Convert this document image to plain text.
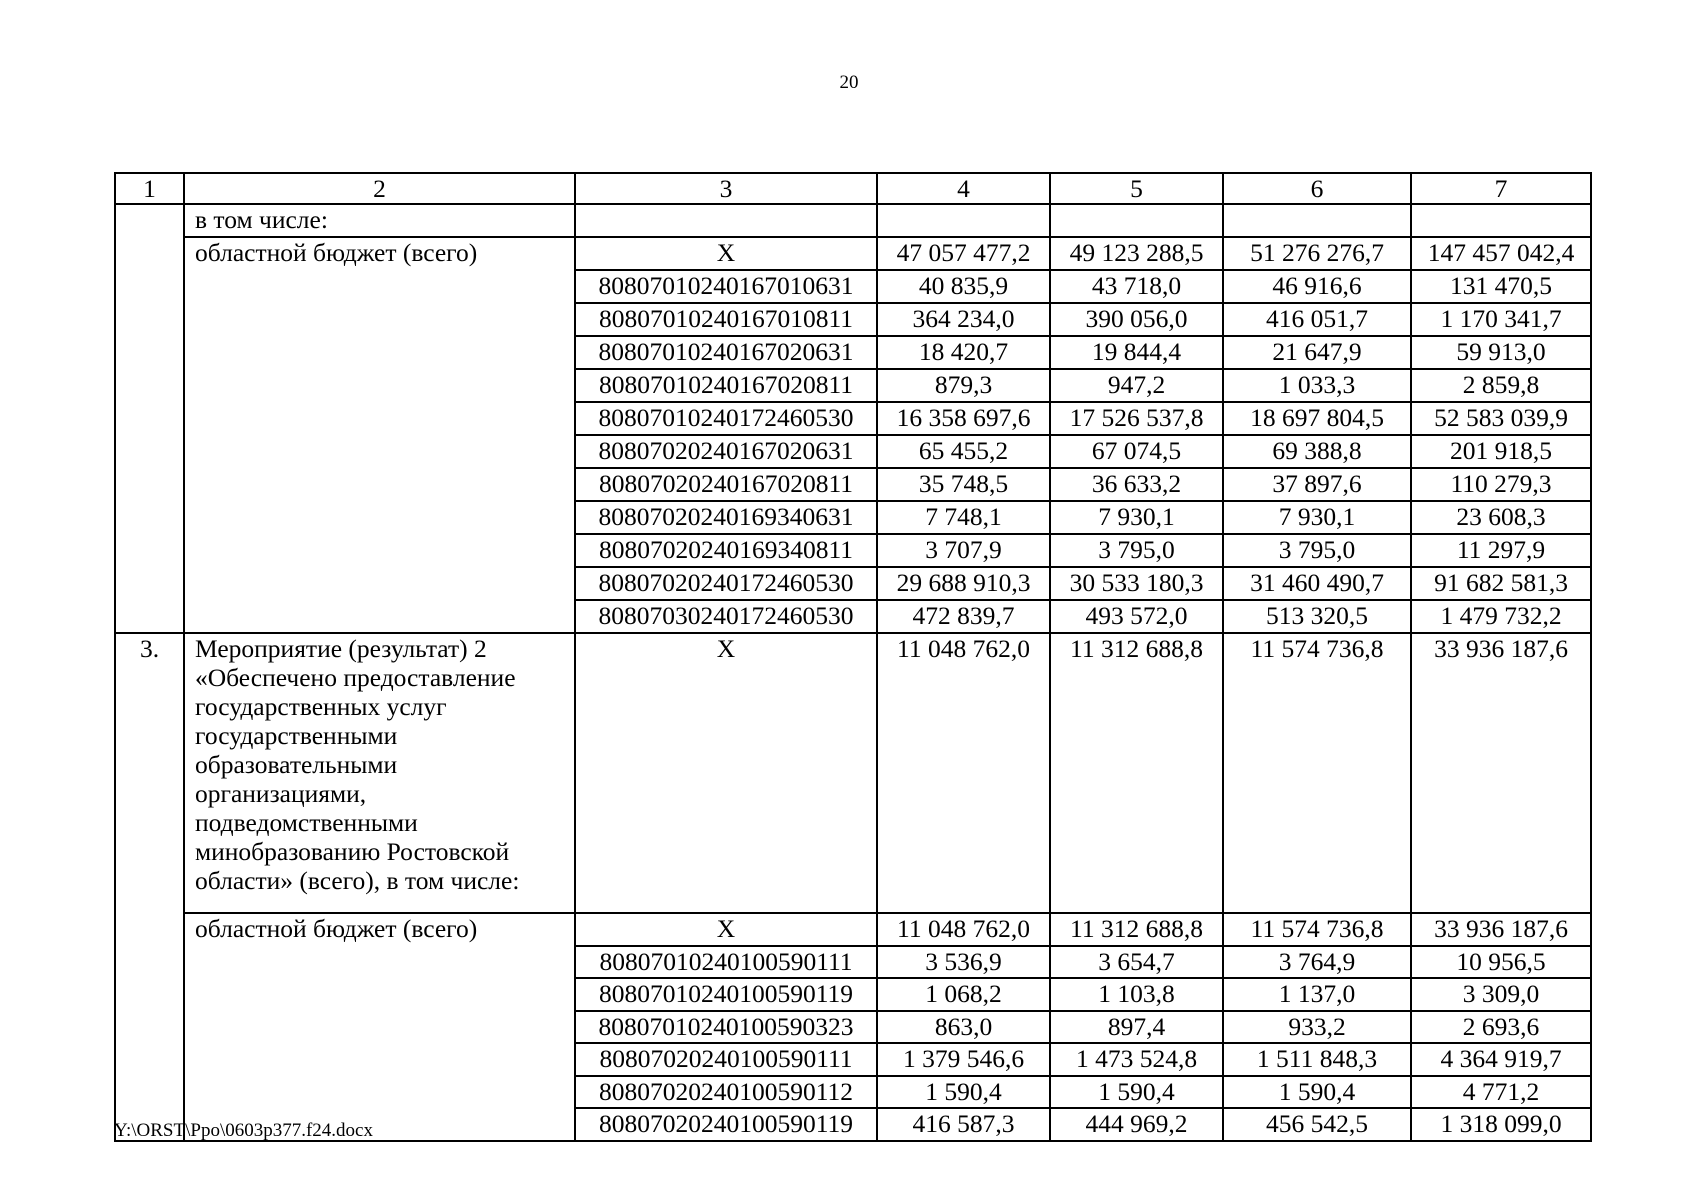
20
1	2	3	4	5	6	7
	в том числе:					
	областной бюджет (всего)	X	47 057 477,2	49 123 288,5	51 276 276,7	147 457 042,4
		80807010240167010631	40 835,9	43 718,0	46 916,6	131 470,5
		80807010240167010811	364 234,0	390 056,0	416 051,7	1 170 341,7
		80807010240167020631	18 420,7	19 844,4	21 647,9	59 913,0
		80807010240167020811	879,3	947,2	1 033,3	2 859,8
		80807010240172460530	16 358 697,6	17 526 537,8	18 697 804,5	52 583 039,9
		80807020240167020631	65 455,2	67 074,5	69 388,8	201 918,5
		80807020240167020811	35 748,5	36 633,2	37 897,6	110 279,3
		80807020240169340631	7 748,1	7 930,1	7 930,1	23 608,3
		80807020240169340811	3 707,9	3 795,0	3 795,0	11 297,9
		80807020240172460530	29 688 910,3	30 533 180,3	31 460 490,7	91 682 581,3
		80807030240172460530	472 839,7	493 572,0	513 320,5	1 479 732,2
3.	Мероприятие (результат) 2 «Обеспечено предоставление государственных услуг государственными образовательными организациями, подведомственными минобразованию Ростовской области» (всего), в том числе:	X	11 048 762,0	11 312 688,8	11 574 736,8	33 936 187,6
	областной бюджет (всего)	X	11 048 762,0	11 312 688,8	11 574 736,8	33 936 187,6
		80807010240100590111	3 536,9	3 654,7	3 764,9	10 956,5
		80807010240100590119	1 068,2	1 103,8	1 137,0	3 309,0
		80807010240100590323	863,0	897,4	933,2	2 693,6
		80807020240100590111	1 379 546,6	1 473 524,8	1 511 848,3	4 364 919,7
		80807020240100590112	1 590,4	1 590,4	1 590,4	4 771,2
		80807020240100590119	416 587,3	444 969,2	456 542,5	1 318 099,0
Y:\ORST\Ppo\0603p377.f24.docx
